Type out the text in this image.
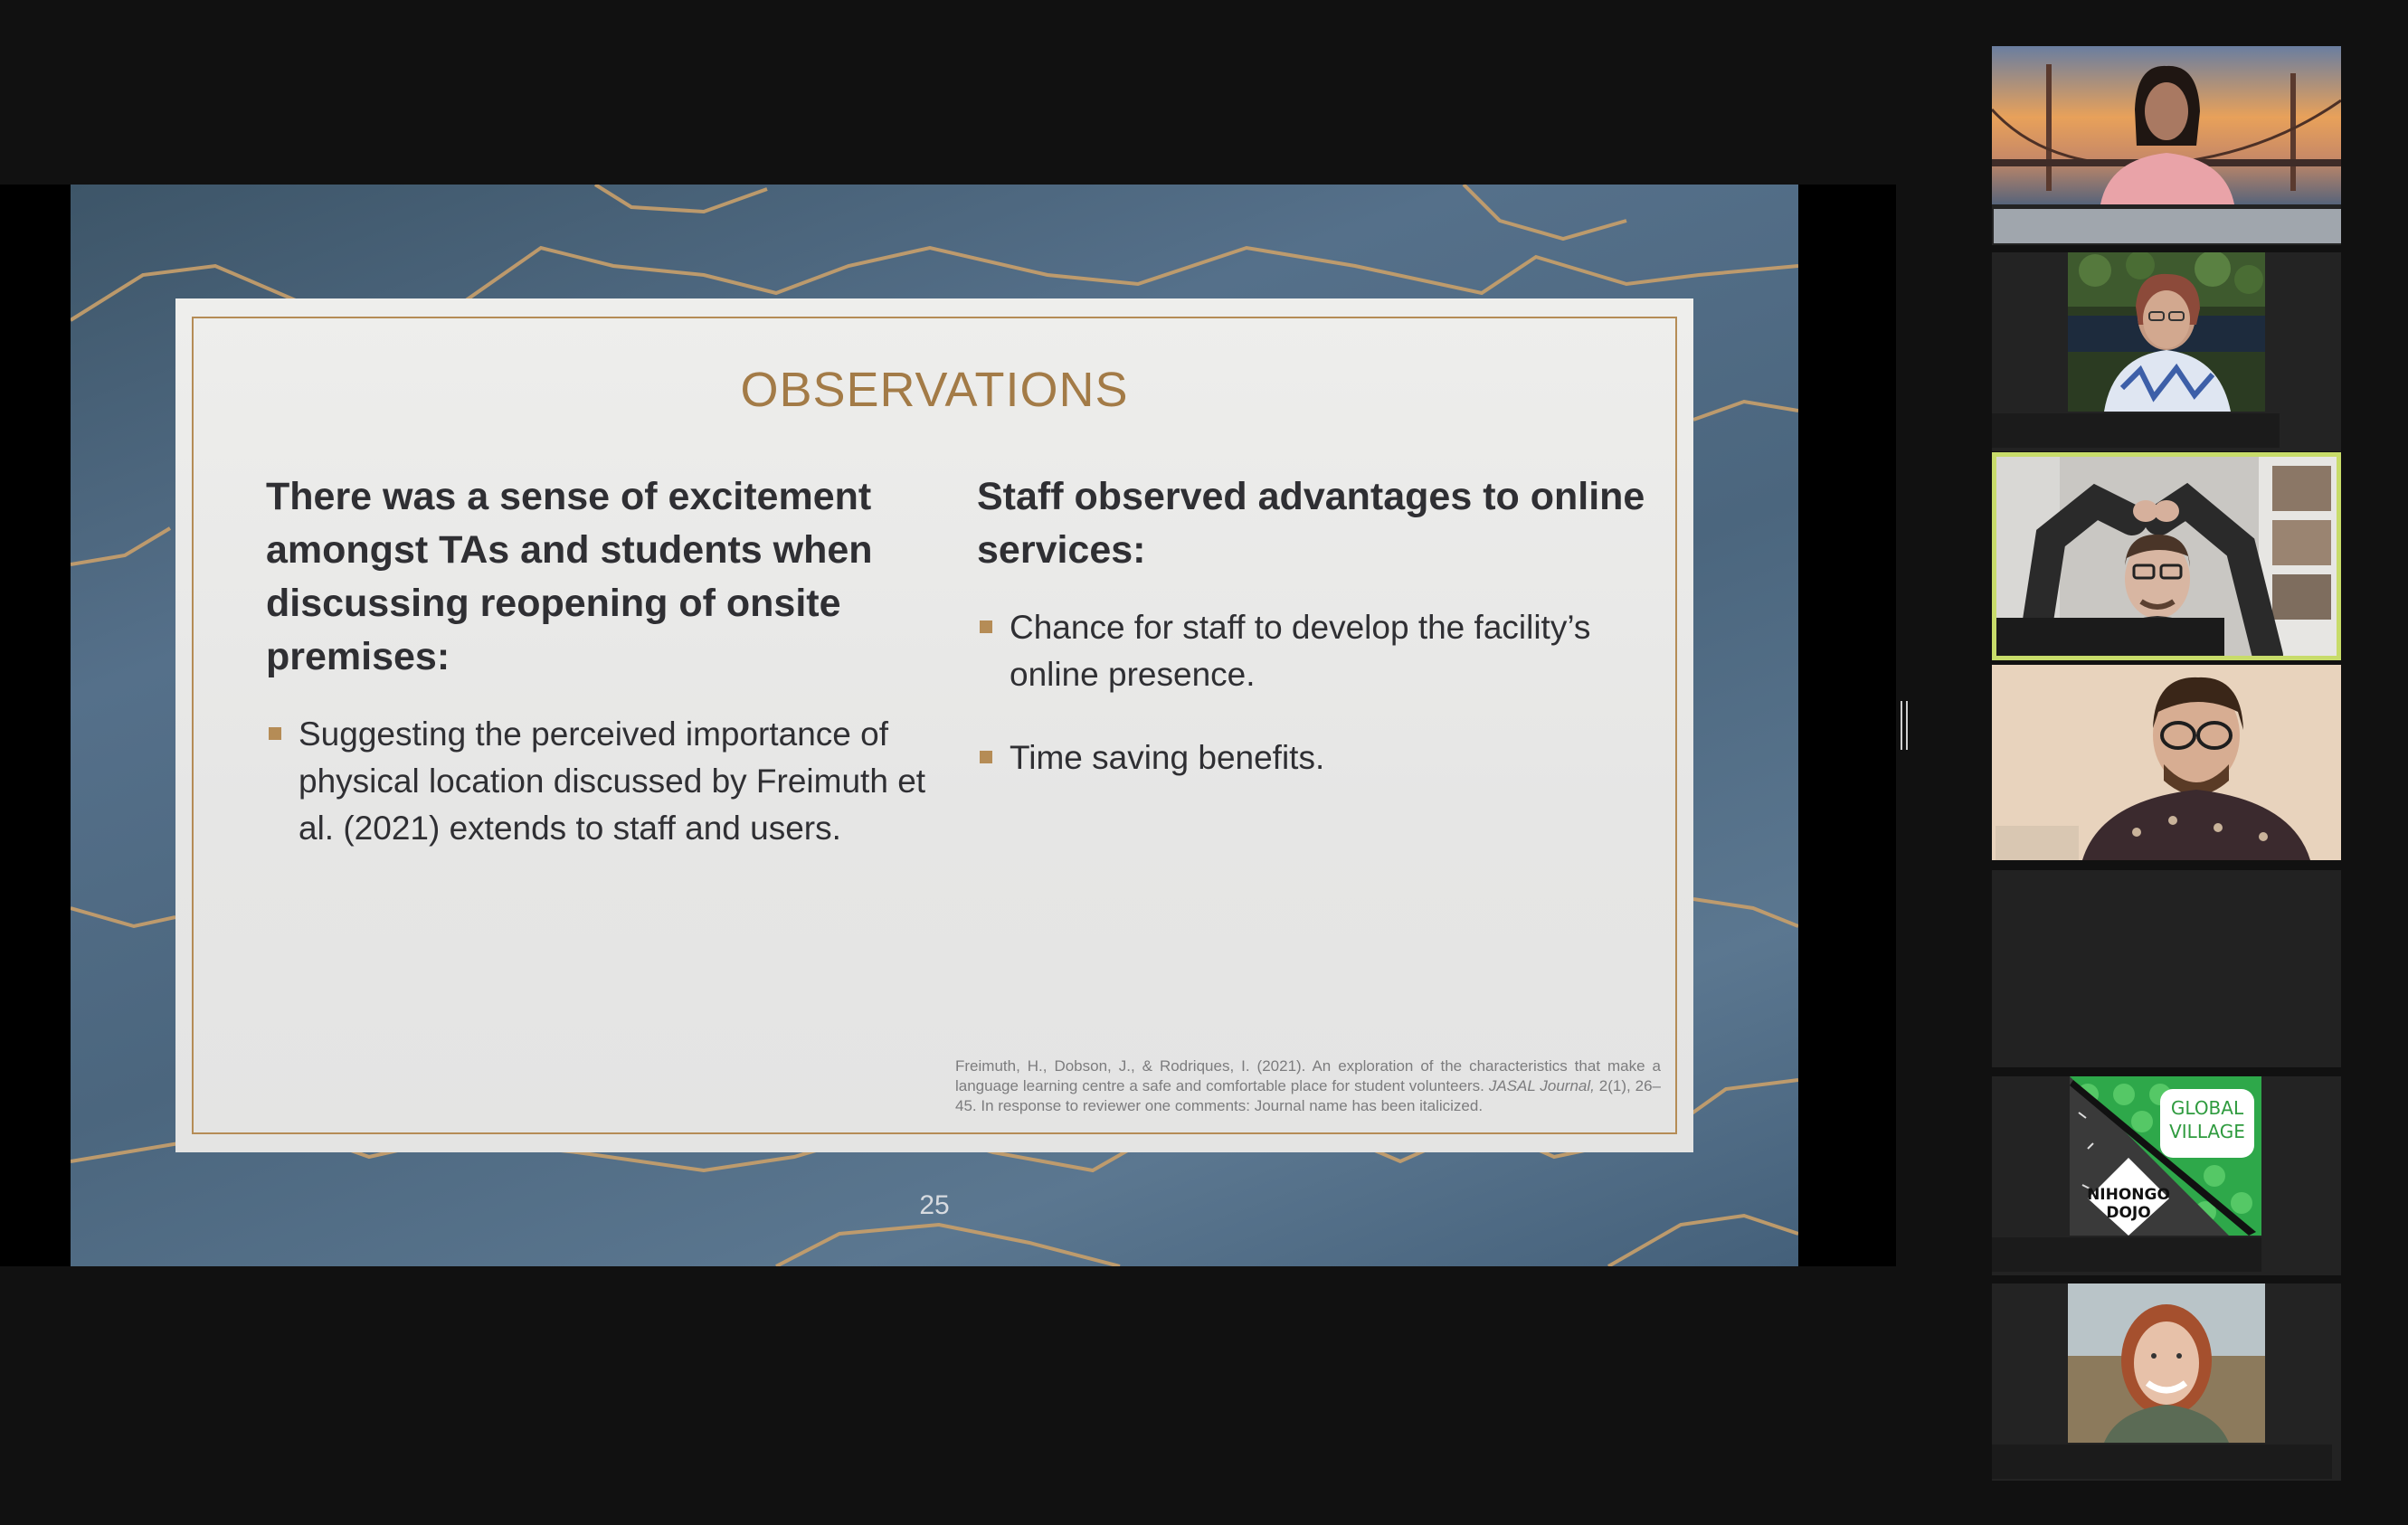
OBSERVATIONS
There was a sense of excitement amongst TAs and students when discussing reopening of onsite premises:
Suggesting the perceived importance of physical location discussed by Freimuth et al. (2021) extends to staff and users.
Staff observed advantages to online services:
Chance for staff to develop the facility’s online presence.
Time saving benefits.
Freimuth, H., Dobson, J., & Rodriques, I. (2021). An exploration of the characteristics that make a language learning centre a safe and comfortable place for student volunteers. JASAL Journal, 2(1), 26–45. In response to reviewer one comments: Journal name has been italicized.
25
GLOBAL
VILLAGE
NIHONGO
DOJO
